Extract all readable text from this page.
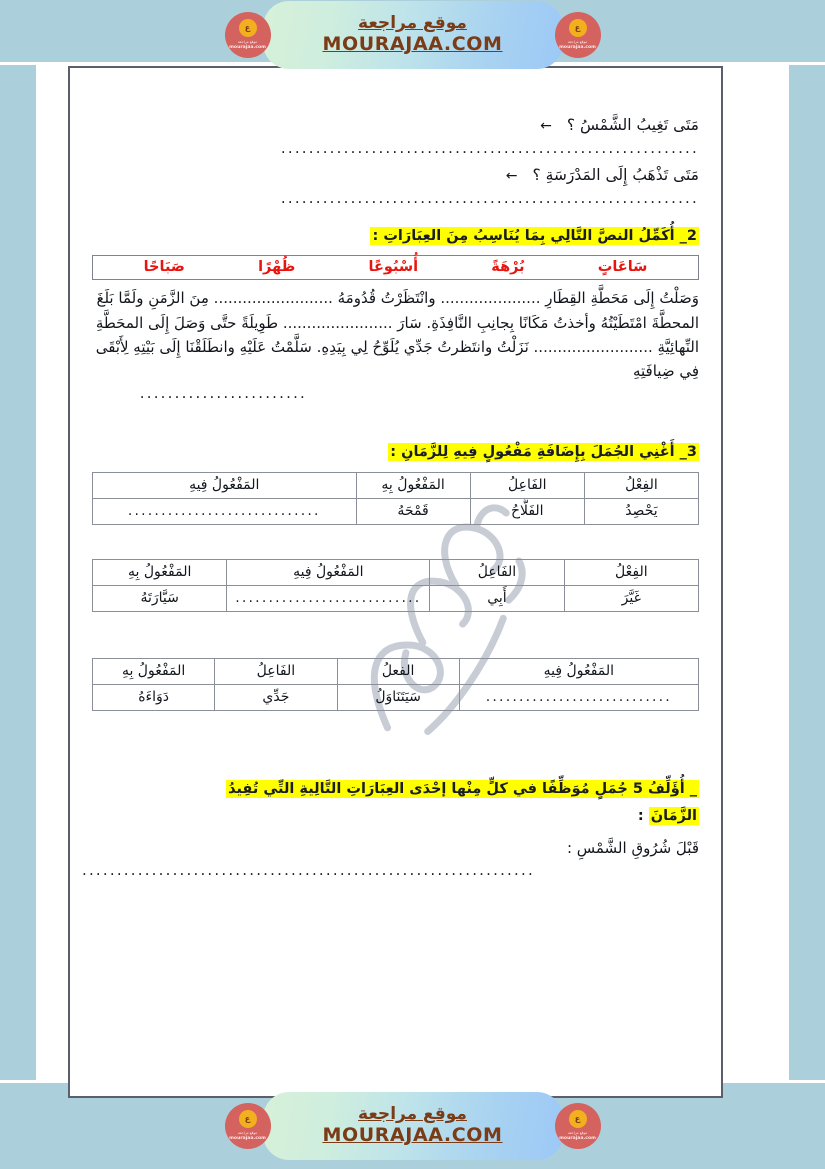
ع
موقع مراجعة
mourajaa.com
موقع مراجعة
MOURAJAA.COM
ع
موقع مراجعة
mourajaa.com
مَتَى تَغِيبُ الشَّمْسُ ؟ ←
............................................................
مَتَى تَذْهَبُ إِلَى المَدْرَسَةِ ؟ ←
............................................................
2_ أُكَمِّلُ النصَّ التَّالِي بِمَا يُنَاسِبُ مِنَ العِبَارَاتِ :
سَاعَاتٍ
بُرْهَةً
أُسْبُوعًا
ظُهْرًا
صَبَاحًا

وَصَلْتُ إِلَى مَحَطَّةِ القِطَارِ ..................... وانْتَظَرْتُ قُدُومَهُ ......................... مِنَ الزَّمَنِ ولَمَّا بَلَغَ المحطَّةَ امْتَطَيْتُهُ وأخذتُ مَكَانًا بِجانِبِ النَّافِذَةِ. سَارَ ....................... طَوِيلَةً حتَّى وَصَلَ إِلَى المحَطَّةِ النِّهائِيَّةِ ......................... نَزَلْتُ وانتَظرتُ جَدِّي يُلَوِّحُ لِي بِيَدِهِ. سَلَّمْتُ عَلَيْهِ وانطَلَقْنَا إِلَى بَيْتِهِ لِأَبْقَى فِي ضِيافَتِهِ

........................
3_ أَغْنِي الجُمَلَ بِإِضَافَةِ مَفْعُولٍ فِيهِ لِلزَّمَانِ :
الفِعْلُ	الفَاعِلُ	المَفْعُولُ بِهِ	المَفْعُولُ فِيهِ
يَحْصِدُ	الفَلَّاحُ	قَمْحَهُ	.............................
الفِعْلُ	الفَاعِلُ	المَفْعُولُ فِيهِ	المَفْعُولُ بِهِ
غَيَّرَ	أَبِي	............................	سَيَّارَتَهُ
المَفْعُولُ فِيهِ	الفعلُ	الفَاعِلُ	المَفْعُولُ بِهِ
............................	سَيَتَنَاوَلُ	جَدِّي	دَوَاءَهُ
_ أُؤَلِّفُ 5 جُمَلٍ مُوَظِّفًا في كلٍّ مِنْها إحْدَى العِبَارَاتِ التَّالِيةِ التِّي تُفِيدُ
الزَّمَانَ :
قَبْلَ شُرُوقِ الشَّمْسِ :
.................................................................
ع
موقع مراجعة
mourajaa.com
موقع مراجعة
MOURAJAA.COM
ع
موقع مراجعة
mourajaa.com
